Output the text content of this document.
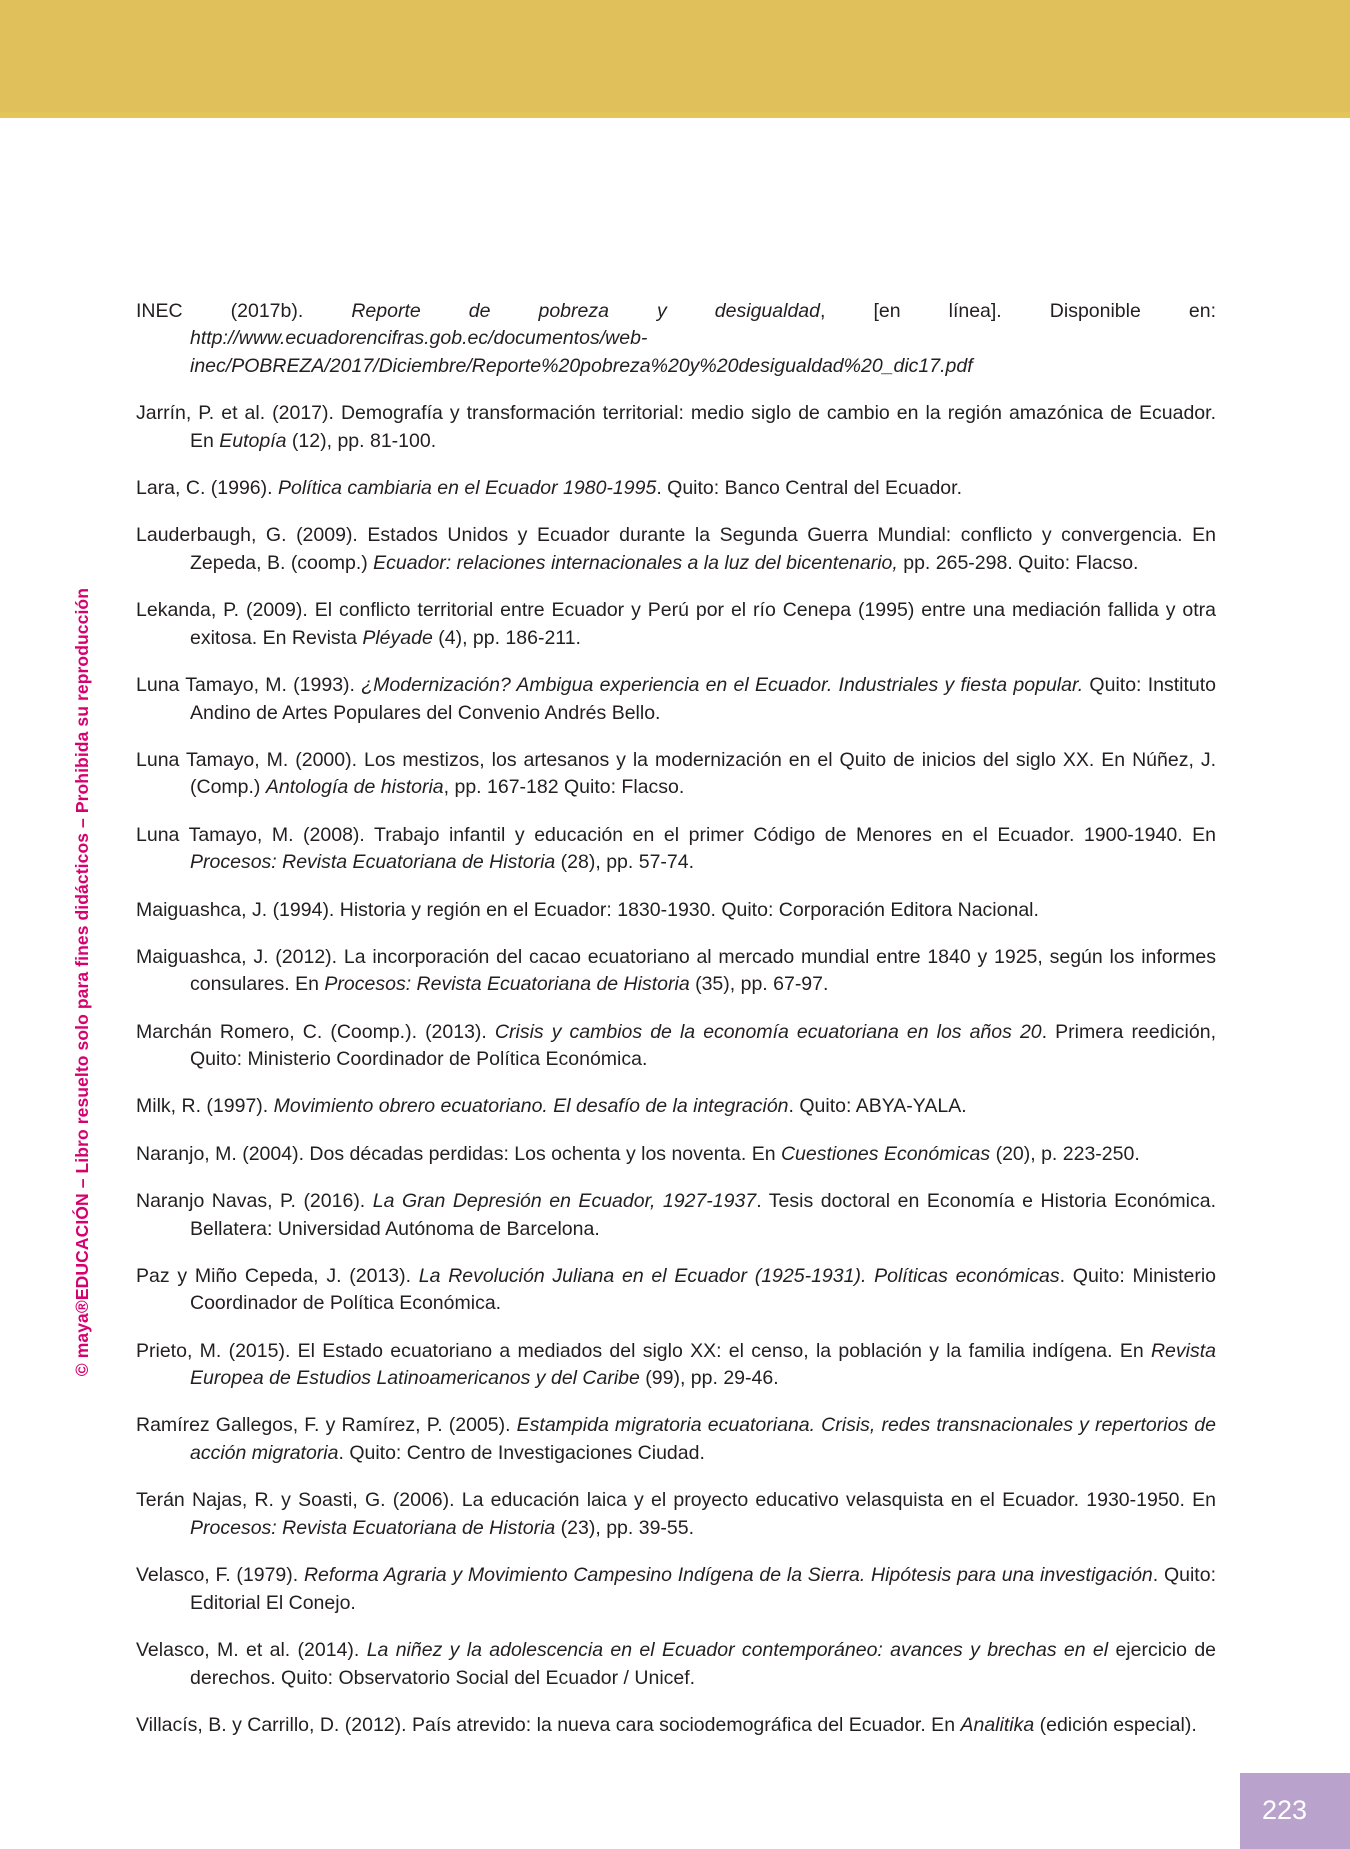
© maya®EDUCACIÓN – Libro resuelto solo para fines didácticos – Prohibida su reproducción

INEC (2017b). Reporte de pobreza y desigualdad, [en línea]. Disponible en: http://www.ecuadorencifras.gob.ec/documentos/web-inec/POBREZA/2017/Diciembre/Reporte%20pobreza%20y%20desigualdad%20_dic17.pdf

Jarrín, P. et al. (2017). Demografía y transformación territorial: medio siglo de cambio en la región amazónica de Ecuador. En Eutopía (12), pp. 81-100.

Lara, C. (1996). Política cambiaria en el Ecuador 1980-1995. Quito: Banco Central del Ecuador.

Lauderbaugh, G. (2009). Estados Unidos y Ecuador durante la Segunda Guerra Mundial: conflicto y convergencia. En Zepeda, B. (coomp.) Ecuador: relaciones internacionales a la luz del bicentenario, pp. 265-298. Quito: Flacso.

Lekanda, P. (2009). El conflicto territorial entre Ecuador y Perú por el río Cenepa (1995) entre una mediación fallida y otra exitosa. En Revista Pléyade (4), pp. 186-211.

Luna Tamayo, M. (1993). ¿Modernización? Ambigua experiencia en el Ecuador. Industriales y fiesta popular. Quito: Instituto Andino de Artes Populares del Convenio Andrés Bello.

Luna Tamayo, M. (2000). Los mestizos, los artesanos y la modernización en el Quito de inicios del siglo XX. En Núñez, J. (Comp.) Antología de historia, pp. 167-182 Quito: Flacso.

Luna Tamayo, M. (2008). Trabajo infantil y educación en el primer Código de Menores en el Ecuador. 1900-1940. En Procesos: Revista Ecuatoriana de Historia (28), pp. 57-74.

Maiguashca, J. (1994). Historia y región en el Ecuador: 1830-1930. Quito: Corporación Editora Nacional.

Maiguashca, J. (2012). La incorporación del cacao ecuatoriano al mercado mundial entre 1840 y 1925, según los informes consulares. En Procesos: Revista Ecuatoriana de Historia (35), pp. 67-97.

Marchán Romero, C. (Coomp.). (2013). Crisis y cambios de la economía ecuatoriana en los años 20. Primera reedición, Quito: Ministerio Coordinador de Política Económica.

Milk, R. (1997). Movimiento obrero ecuatoriano. El desafío de la integración. Quito: ABYA-YALA.

Naranjo, M. (2004). Dos décadas perdidas: Los ochenta y los noventa. En Cuestiones Económicas (20), p. 223-250.

Naranjo Navas, P. (2016). La Gran Depresión en Ecuador, 1927-1937. Tesis doctoral en Economía e Historia Económica. Bellatera: Universidad Autónoma de Barcelona.

Paz y Miño Cepeda, J. (2013). La Revolución Juliana en el Ecuador (1925-1931). Políticas económicas. Quito: Ministerio Coordinador de Política Económica.

Prieto, M. (2015). El Estado ecuatoriano a mediados del siglo XX: el censo, la población y la familia indígena. En Revista Europea de Estudios Latinoamericanos y del Caribe (99), pp. 29-46.

Ramírez Gallegos, F. y Ramírez, P. (2005). Estampida migratoria ecuatoriana. Crisis, redes transnacionales y repertorios de acción migratoria. Quito: Centro de Investigaciones Ciudad.

Terán Najas, R. y Soasti, G. (2006). La educación laica y el proyecto educativo velasquista en el Ecuador. 1930-1950. En Procesos: Revista Ecuatoriana de Historia (23), pp. 39-55.

Velasco, F. (1979). Reforma Agraria y Movimiento Campesino Indígena de la Sierra. Hipótesis para una investigación. Quito: Editorial El Conejo.

Velasco, M. et al. (2014). La niñez y la adolescencia en el Ecuador contemporáneo: avances y brechas en el ejercicio de derechos. Quito: Observatorio Social del Ecuador / Unicef.

Villacís, B. y Carrillo, D. (2012). País atrevido: la nueva cara sociodemográfica del Ecuador. En Analitika (edición especial).

223
